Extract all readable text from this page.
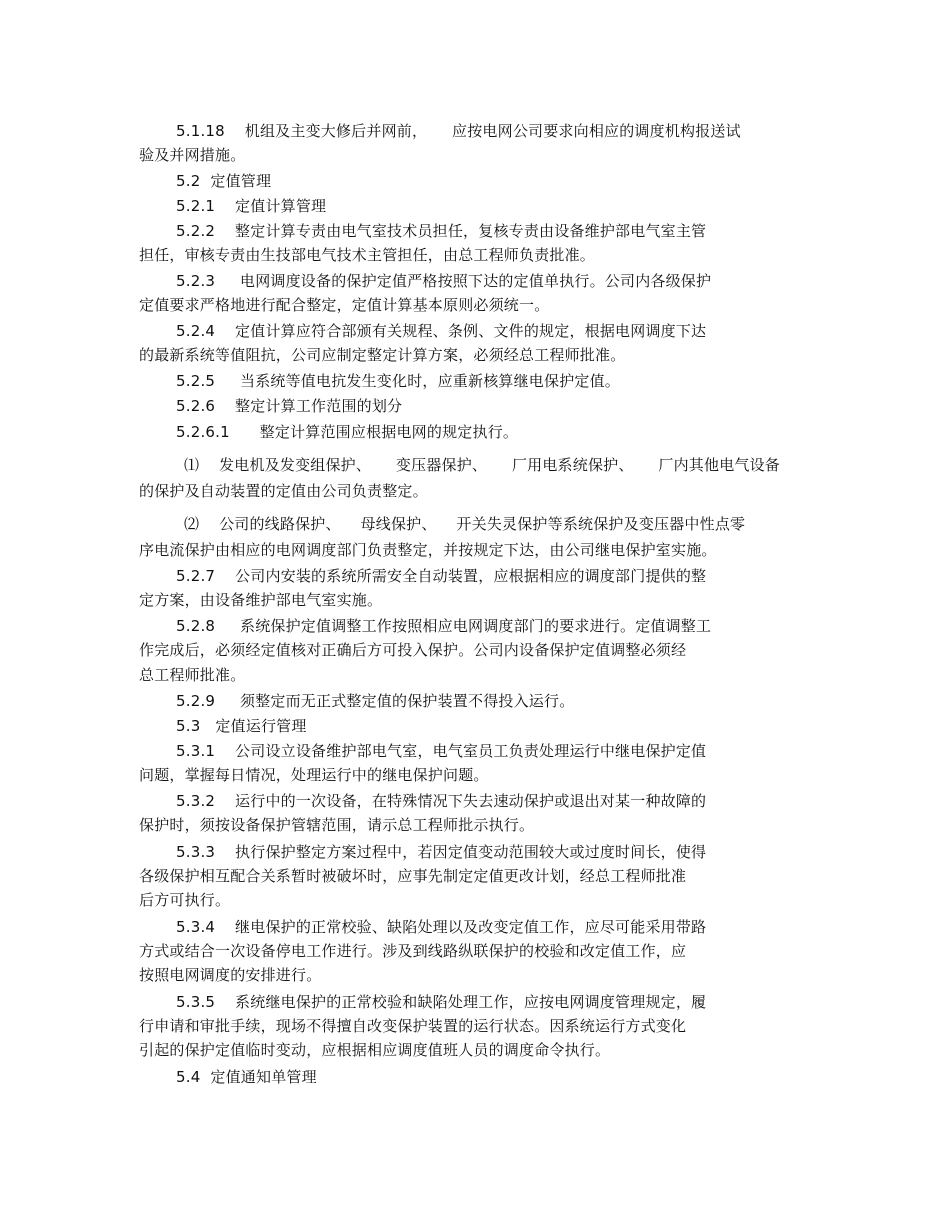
5.1.18    机组及主变大修后并网前，     应按电网公司要求向相应的调度机构报送试
验及并网措施。
5.2  定值管理
5.2.1    定值计算管理
5.2.2    整定计算专责由电气室技术员担任，复核专责由设备维护部电气室主管
担任，审核专责由生技部电气技术主管担任，由总工程师负责批准。
5.2.3     电网调度设备的保护定值严格按照下达的定值单执行。公司内各级保护
定值要求严格地进行配合整定，定值计算基本原则必须统一。
5.2.4    定值计算应符合部颁有关规程、条例、文件的规定，根据电网调度下达
的最新系统等值阻抗，公司应制定整定计算方案，必须经总工程师批准。
5.2.5     当系统等值电抗发生变化时，应重新核算继电保护定值。
5.2.6    整定计算工作范围的划分
5.2.6.1      整定计算范围应根据电网的规定执行。
⑴    发电机及发变组保护、     变压器保护、     厂用电系统保护、     厂内其他电气设备
的保护及自动装置的定值由公司负责整定。
⑵    公司的线路保护、    母线保护、    开关失灵保护等系统保护及变压器中性点零
序电流保护由相应的电网调度部门负责整定，并按规定下达，由公司继电保护室实施。
5.2.7    公司内安装的系统所需安全自动装置，应根据相应的调度部门提供的整
定方案，由设备维护部电气室实施。
5.2.8     系统保护定值调整工作按照相应电网调度部门的要求进行。定值调整工
作完成后，必须经定值核对正确后方可投入保护。公司内设备保护定值调整必须经
总工程师批准。
5.2.9     须整定而无正式整定值的保护装置不得投入运行。
5.3   定值运行管理
5.3.1    公司设立设备维护部电气室，电气室员工负责处理运行中继电保护定值
问题，掌握每日情况，处理运行中的继电保护问题。
5.3.2    运行中的一次设备，在特殊情况下失去速动保护或退出对某一种故障的
保护时，须按设备保护管辖范围，请示总工程师批示执行。
5.3.3    执行保护整定方案过程中，若因定值变动范围较大或过度时间长，使得
各级保护相互配合关系暂时被破坏时，应事先制定定值更改计划，经总工程师批准
后方可执行。
5.3.4    继电保护的正常校验、缺陷处理以及改变定值工作，应尽可能采用带路
方式或结合一次设备停电工作进行。涉及到线路纵联保护的校验和改定值工作，应
按照电网调度的安排进行。
5.3.5    系统继电保护的正常校验和缺陷处理工作，应按电网调度管理规定，履
行申请和审批手续，现场不得擅自改变保护装置的运行状态。因系统运行方式变化
引起的保护定值临时变动，应根据相应调度值班人员的调度命令执行。
5.4  定值通知单管理
